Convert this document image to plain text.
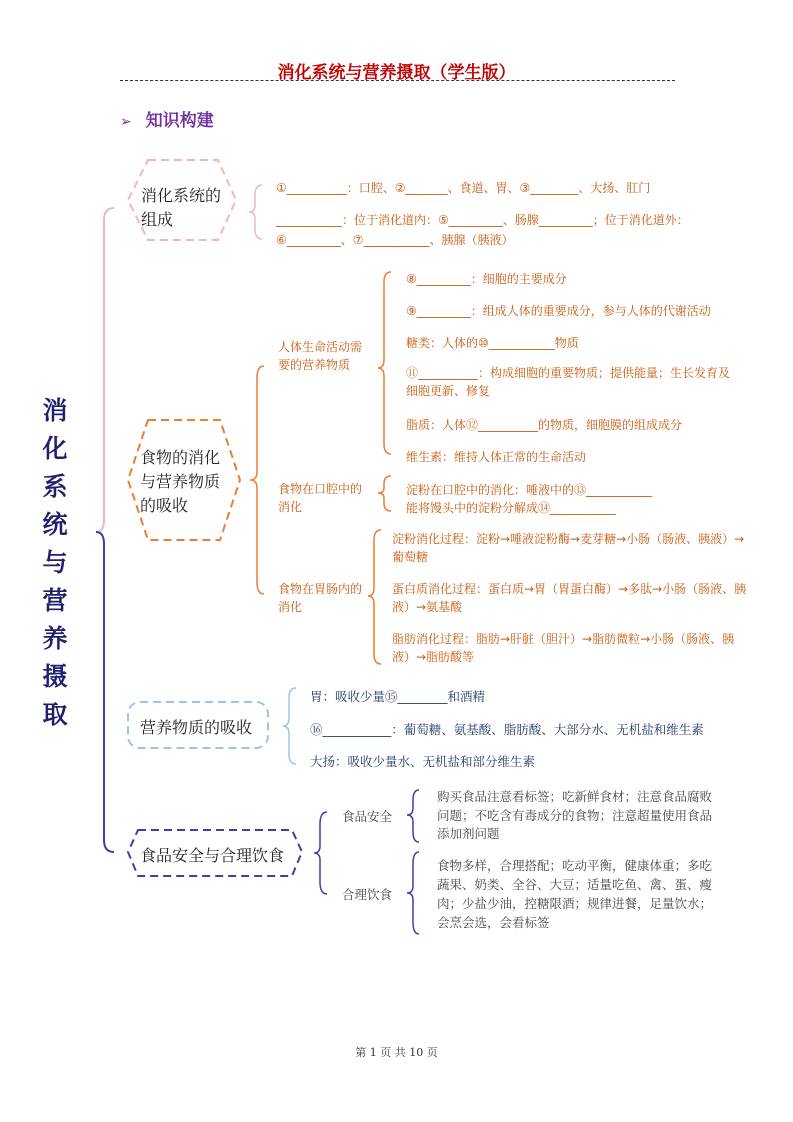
消化系统与营养摄取（学生版）
➢ 知识构建
消化系统与营养摄取
消化系统的组成
①__________：口腔、②_______、食道、胃、③________、大扬、肛门
___________：位于消化道内：⑤_________、肠腺_________；位于消化道外：
⑥_________、⑦___________、胰腺（胰液）
食物的消化与营养物质的吸收
人体生命活动需要的营养物质
⑧_________：细胞的主要成分
⑨_________：组成人体的重要成分，参与人体的代谢活动
糖类：人体的⑩___________物质
⑪__________：构成细胞的重要物质；提供能量；生长发育及细胞更新、修复
脂质：人体⑫__________的物质，细胞膜的组成成分
维生素：维持人体正常的生命活动
食物在口腔中的消化
淀粉在口腔中的消化：唾液中的⑬___________
能将馒头中的淀粉分解成⑭___________
食物在胃肠内的消化
淀粉消化过程：淀粉→唾液淀粉酶→麦芽糖→小肠（肠液、胰液）→葡萄糖
蛋白质消化过程：蛋白质→胃（胃蛋白酶）→多肽→小肠（肠液、胰液）→氨基酸
脂肪消化过程：脂肪→肝脏（胆汁）→脂肪微粒→小肠（肠液、胰液）→脂肪酸等
营养物质的吸收
胃：吸收少量⑮________和酒精
⑯___________：葡萄糖、氨基酸、脂肪酸、大部分水、无机盐和维生素
大扬：吸收少量水、无机盐和部分维生素
食品安全与合理饮食
食品安全
购买食品注意看标签；吃新鲜食材；注意食品腐败问题；不吃含有毒成分的食物；注意超量使用食品添加剂问题
合理饮食
食物多样，合理搭配；吃动平衡，健康体重；多吃蔬果、奶类、全谷、大豆；适量吃鱼、禽、蛋、瘦肉；少盐少油，控糖限酒；规律进餐，足量饮水；会烹会选，会看标签
第 1 页 共 10 页
